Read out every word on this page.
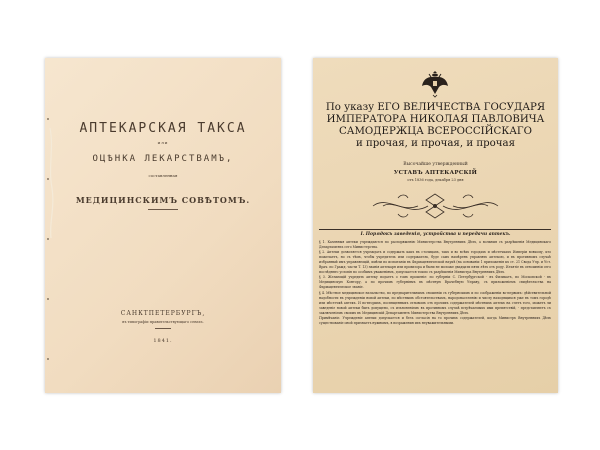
АПТЕКАРСКАЯ ТАКСА
или
ОЦѢНКА ЛЕКАРСТВАМЪ,
составленная
МЕДИЦИНСКИМЪ СОВѢТОМЪ.
САНКТПЕТЕРБУРГЪ,
въ типографіи правительствующаго сената.
1841.
По указу ЕГО ВЕЛИЧЕСТВА ГОСУДАРЯ
ИМПЕРАТОРА НИКОЛАЯ ПАВЛОВИЧА
САМОДЕРЖЦА ВСЕРОССІЙСКАГО
и прочая, и прочая, и прочая
Высочайше утвержденный
УСТАВЪ АПТЕКАРСКІЙ
отъ 1836 года, декабря 23 дня
I. Порядокъ заведенія, устройства и передачи аптекъ.

§ 1. Казенныя аптеки учреждаются по распоряженію Министерства Внутреннихъ Дѣлъ, а вольныя съ разрѣшенія Медицинскаго Департамента сего Министерства.

§ 2. Аптеки дозволяется учреждать и содержать какъ въ столицахъ, такъ и во всѣхъ городахъ и мѣстечкахъ Имперіи всякому, кто пожелаетъ, но съ тѣмъ, чтобы учредитель или содержатель, буде самъ намѣренъ управлять аптекою, и въ противномъ случаѣ избранный имъ управляющій, имѣли по испытаніи въ Фармацевтической наукѣ (на основаніи 1 приложенія къ ст. 21 Свода Учр. и Уст. Врач. по Гражд. части Т. 13) званія аптекаря или провизора и были не моложе двадцати пяти лѣтъ отъ роду. Изъятіе въ отношеніи сего послѣдняго условія по особымъ уваженіямъ, допускается токмо съ разрѣшенія Министра Внутреннихъ Дѣлъ.

§ 3. Желающій учредить аптеку подаетъ о томъ прошеніе: по губерніи С. Петербургской - въ Физикатъ, по Московской - въ Медицинскую Контору, а по прочимъ губерніямъ въ мѣстную Врачебную Управу, съ приложеніемъ свидѣтельства на Фармацевтическое званіе.

§ 4. Мѣстное медицинское начальство, по предварительнымъ сношеніи съ губернскимъ и по соображеніи во-первыхъ: дѣйствительной надобности въ учрежденіи новой аптеки, по мѣстнымъ обстоятельствамъ, народонаселенію и числу находящихся уже въ томъ городѣ или мѣстечкѣ аптекъ. И во-вторыхъ, посвященныхъ отзывомъ отъ прочихъ содержателей мѣстныхъ аптекъ на счетъ того, можетъ ли заведеніе новой аптеки быть допущено, съ изъясненіемъ въ противномъ случаѣ встрѣчаемыхъ ими препятствій, - представляетъ съ заключеніемъ своимъ въ Медицинскій Департаментъ Министерства Внутреннихъ Дѣлъ.

Примѣчаніе. Учрежденіе аптеки допускается и безъ согласія на то прочихъ содержателей, когда Министръ Внутреннихъ Дѣлъ существованіе оной признаетъ нужнымъ, в возражения ихъ неуважительными.
